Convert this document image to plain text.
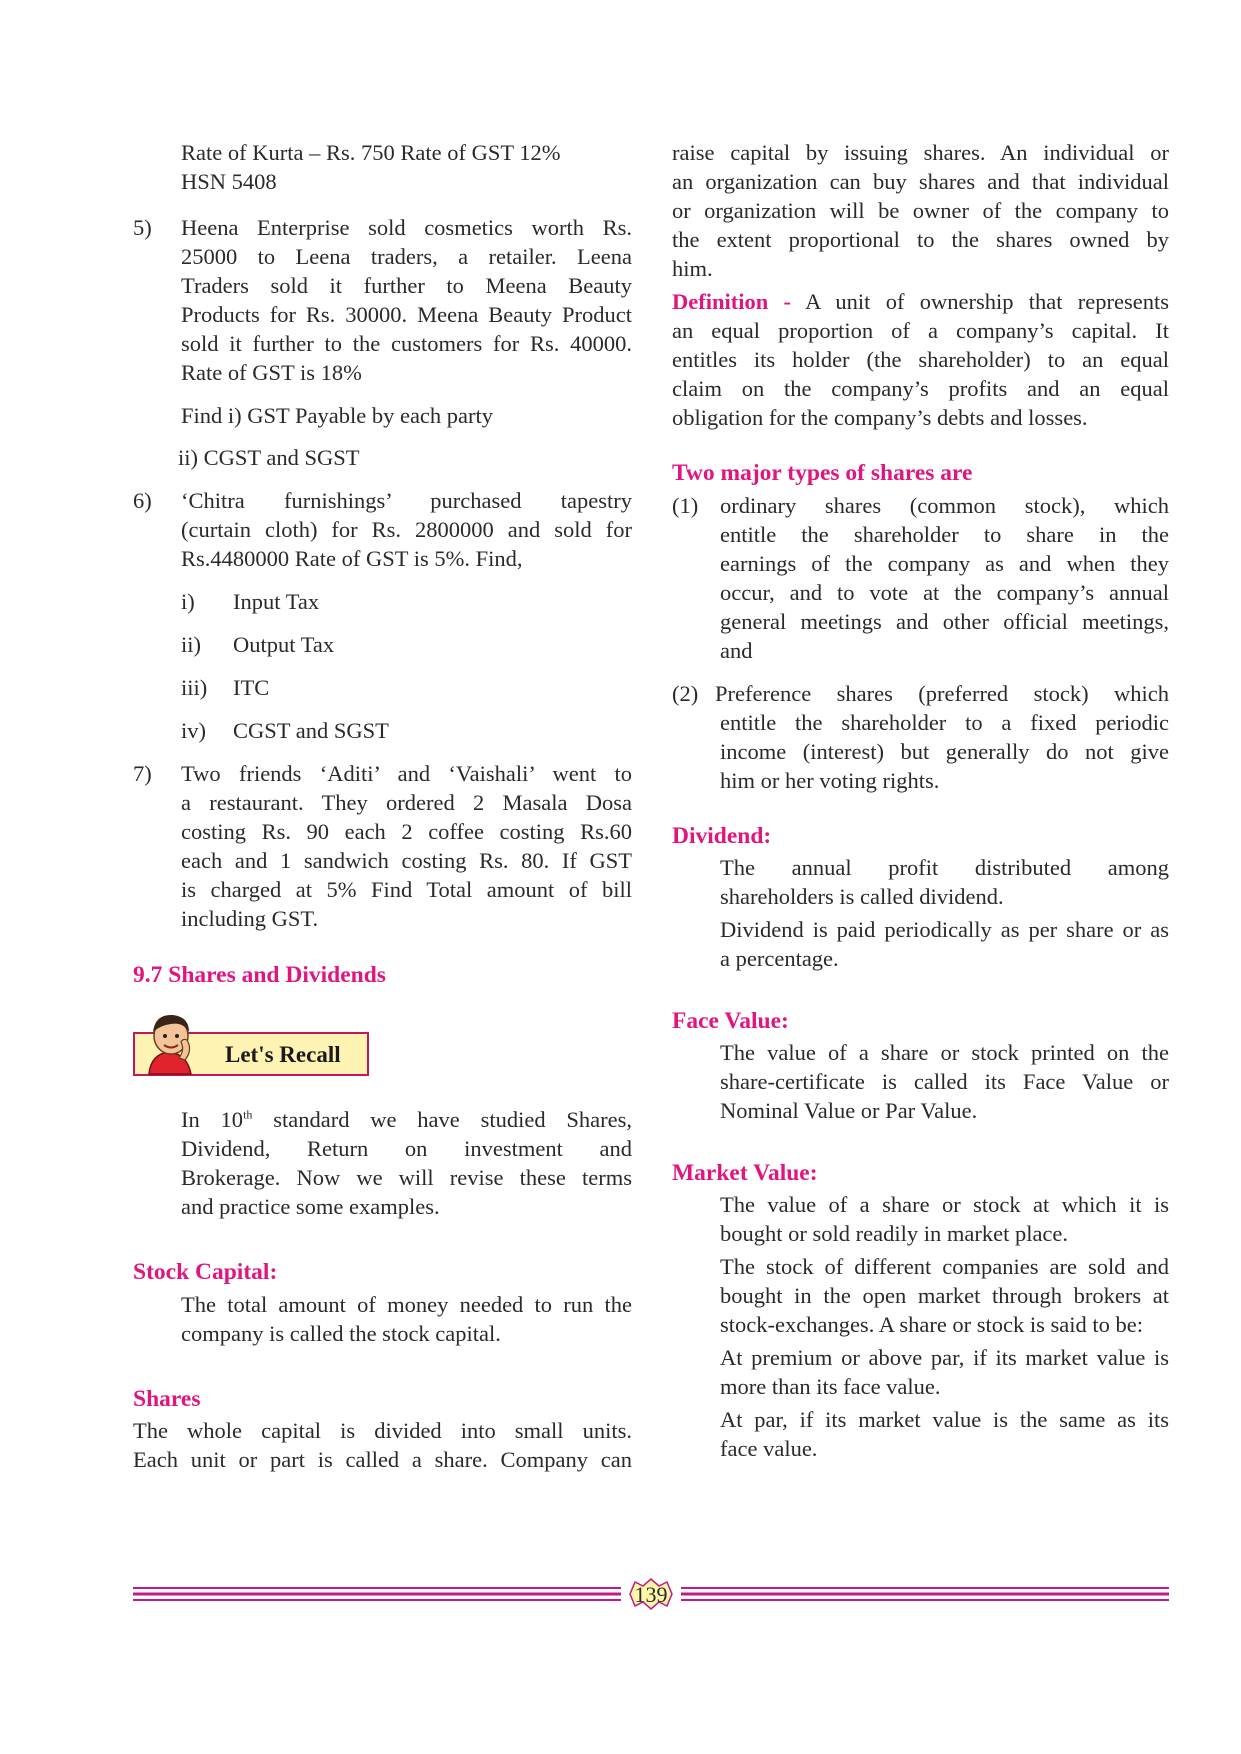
Rate of Kurta – Rs. 750 Rate of GST 12%

HSN 5408

5) Heena Enterprise sold cosmetics worth Rs.

25000 to Leena traders, a retailer. Leena

Traders sold it further to Meena Beauty

Products for Rs. 30000. Meena Beauty Product

sold it further to the customers for Rs. 40000.

Rate of GST is 18%

Find i) GST Payable by each party

ii) CGST and SGST

6) ‘Chitra furnishings’ purchased tapestry

(curtain cloth) for Rs. 2800000 and sold for

Rs.4480000 Rate of GST is 5%. Find,

i) Input Tax

ii) Output Tax

iii) ITC

iv) CGST and SGST

7) Two friends ‘Aditi’ and ‘Vaishali’ went to

a restaurant. They ordered 2 Masala Dosa

costing Rs. 90 each 2 coffee costing Rs.60

each and 1 sandwich costing Rs. 80. If GST

is charged at 5% Find Total amount of bill

including GST.

9.7 Shares and Dividends

Let's Recall

In 10th standard we have studied Shares,

Dividend, Return on investment and

Brokerage. Now we will revise these terms

and practice some examples.

Stock Capital:

The total amount of money needed to run the

company is called the stock capital.

Shares

The whole capital is divided into small units.

Each unit or part is called a share. Company can

raise capital by issuing shares. An individual or

an organization can buy shares and that individual

or organization will be owner of the company to

the extent proportional to the shares owned by

him.

Definition - A unit of ownership that represents

an equal proportion of a company’s capital. It

entitles its holder (the shareholder) to an equal

claim on the company’s profits and an equal

obligation for the company’s debts and losses.

Two major types of shares are

(1) ordinary shares (common stock), which

entitle the shareholder to share in the

earnings of the company as and when they

occur, and to vote at the company’s annual

general meetings and other official meetings,

and

(2) Preference shares (preferred stock) which

entitle the shareholder to a fixed periodic

income (interest) but generally do not give

him or her voting rights.

Dividend:

The annual profit distributed among

shareholders is called dividend.

Dividend is paid periodically as per share or as

a percentage.

Face Value:

The value of a share or stock printed on the

share-certificate is called its Face Value or

Nominal Value or Par Value.

Market Value:

The value of a share or stock at which it is

bought or sold readily in market place.

The stock of different companies are sold and

bought in the open market through brokers at

stock-exchanges. A share or stock is said to be:

At premium or above par, if its market value is

more than its face value.

At par, if its market value is the same as its

face value.

139
